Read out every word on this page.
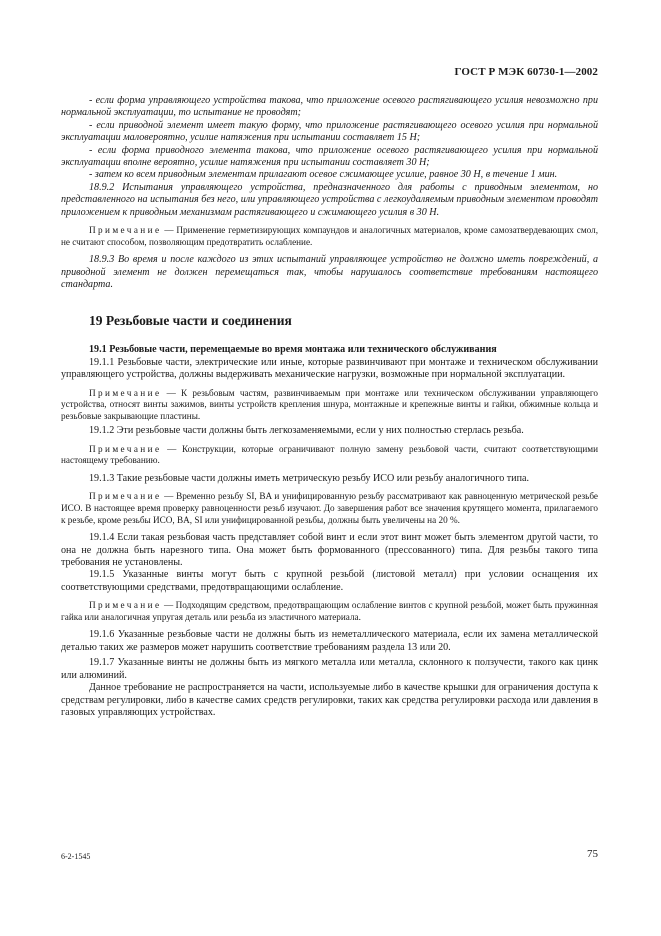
ГОСТ Р МЭК 60730-1—2002

- если форма управляющего устройства такова, что приложение осевого растягивающего усилия невозможно при нормальной эксплуатации, то испытание не проводят;

- если приводной элемент имеет такую форму, что приложение растягивающего осевого усилия при нормальной эксплуатации маловероятно, усилие натяжения при испытании составляет 15 Н;

- если форма приводного элемента такова, что приложение осевого растягивающего усилия при нормальной эксплуатации вполне вероятно, усилие натяжения при испытании составляет 30 Н;

- затем ко всем приводным элементам прилагают осевое сжимающее усилие, равное 30 Н, в течение 1 мин.

18.9.2 Испытания управляющего устройства, предназначенного для работы с приводным элементом, но представленного на испытания без него, или управляющего устройства с легкоудаляемым приводным элементом проводят приложением к приводным механизмам растягивающего и сжимающего усилия в 30 Н.

Примечание — Применение герметизирующих компаундов и аналогичных материалов, кроме самозатвердевающих смол, не считают способом, позволяющим предотвратить ослабление.

18.9.3 Во время и после каждого из этих испытаний управляющее устройство не должно иметь повреждений, а приводной элемент не должен перемещаться так, чтобы нарушалось соответствие требованиям настоящего стандарта.

19 Резьбовые части и соединения

19.1 Резьбовые части, перемещаемые во время монтажа или технического обслуживания

19.1.1 Резьбовые части, электрические или иные, которые развинчивают при монтаже и техническом обслуживании управляющего устройства, должны выдерживать механические нагрузки, возможные при нормальной эксплуатации.

Примечание — К резьбовым частям, развинчиваемым при монтаже или техническом обслуживании управляющего устройства, относят винты зажимов, винты устройств крепления шнура, монтажные и крепежные винты и гайки, обжимные кольца и резьбовые закрывающие пластины.

19.1.2 Эти резьбовые части должны быть легкозаменяемыми, если у них полностью стерлась резьба.

Примечание — Конструкции, которые ограничивают полную замену резьбовой части, считают соответствующими настоящему требованию.

19.1.3 Такие резьбовые части должны иметь метрическую резьбу ИСО или резьбу аналогичного типа.

Примечание — Временно резьбу SI, BA и унифицированную резьбу рассматривают как равноценную метрической резьбе ИСО. В настоящее время проверку равноценности резьб изучают. До завершения работ все значения крутящего момента, прилагаемого к резьбе, кроме резьбы ИСО, BA, SI или унифицированной резьбы, должны быть увеличены на 20 %.

19.1.4 Если такая резьбовая часть представляет собой винт и если этот винт может быть элементом другой части, то она не должна быть нарезного типа. Она может быть формованного (прессованного) типа. Для резьбы такого типа требования не установлены.

19.1.5 Указанные винты могут быть с крупной резьбой (листовой металл) при условии оснащения их соответствующими средствами, предотвращающими ослабление.

Примечание — Подходящим средством, предотвращающим ослабление винтов с крупной резьбой, может быть пружинная гайка или аналогичная упругая деталь или резьба из эластичного материала.

19.1.6 Указанные резьбовые части не должны быть из неметаллического материала, если их замена металлической деталью таких же размеров может нарушить соответствие требованиям раздела 13 или 20.

19.1.7 Указанные винты не должны быть из мягкого металла или металла, склонного к ползучести, такого как цинк или алюминий.

Данное требование не распространяется на части, используемые либо в качестве крышки для ограничения доступа к средствам регулировки, либо в качестве самих средств регулировки, таких как средства регулировки расхода или давления в газовых управляющих устройствах.

6-2-1545	75
